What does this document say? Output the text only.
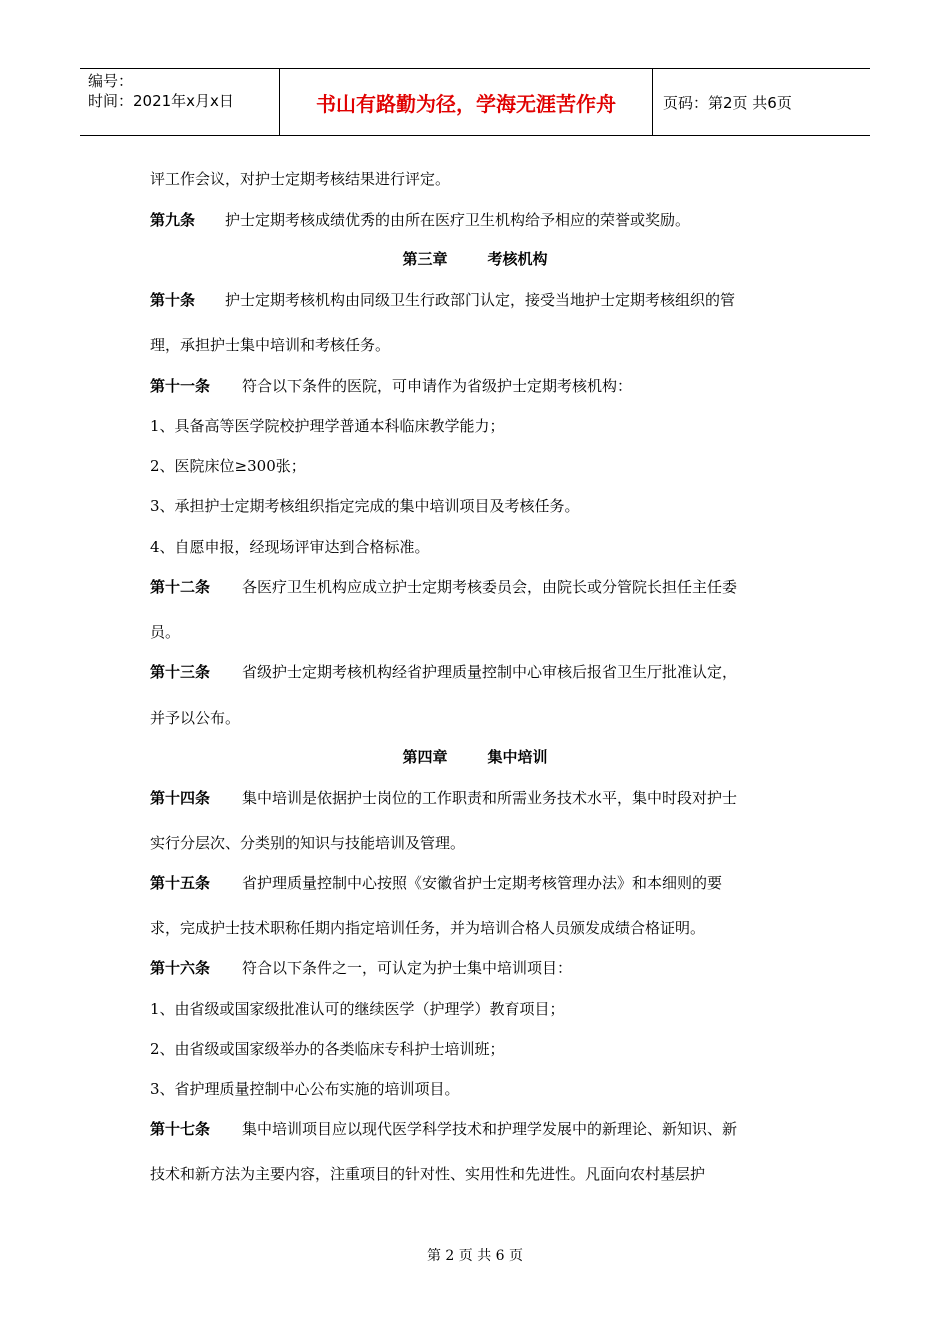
编号：
时间：2021年x月x日	书山有路勤为径，学海无涯苦作舟	页码：第2页 共6页
评工作会议，对护士定期考核结果进行评定。
第九条 护士定期考核成绩优秀的由所在医疗卫生机构给予相应的荣誉或奖励。
第三章	考核机构
第十条 护士定期考核机构由同级卫生行政部门认定，接受当地护士定期考核组织的管
理，承担护士集中培训和考核任务。
第十一条 符合以下条件的医院，可申请作为省级护士定期考核机构：
1、具备高等医学院校护理学普通本科临床教学能力；
2、医院床位≥300张；
3、承担护士定期考核组织指定完成的集中培训项目及考核任务。
4、自愿申报，经现场评审达到合格标准。
第十二条 各医疗卫生机构应成立护士定期考核委员会，由院长或分管院长担任主任委
员。
第十三条 省级护士定期考核机构经省护理质量控制中心审核后报省卫生厅批准认定，
并予以公布。
第四章	集中培训
第十四条 集中培训是依据护士岗位的工作职责和所需业务技术水平，集中时段对护士
实行分层次、分类别的知识与技能培训及管理。
第十五条 省护理质量控制中心按照《安徽省护士定期考核管理办法》和本细则的要
求，完成护士技术职称任期内指定培训任务，并为培训合格人员颁发成绩合格证明。
第十六条 符合以下条件之一，可认定为护士集中培训项目：
1、由省级或国家级批准认可的继续医学（护理学）教育项目；
2、由省级或国家级举办的各类临床专科护士培训班；
3、省护理质量控制中心公布实施的培训项目。
第十七条 集中培训项目应以现代医学科学技术和护理学发展中的新理论、新知识、新
技术和新方法为主要内容，注重项目的针对性、实用性和先进性。凡面向农村基层护
第 2 页 共 6 页
